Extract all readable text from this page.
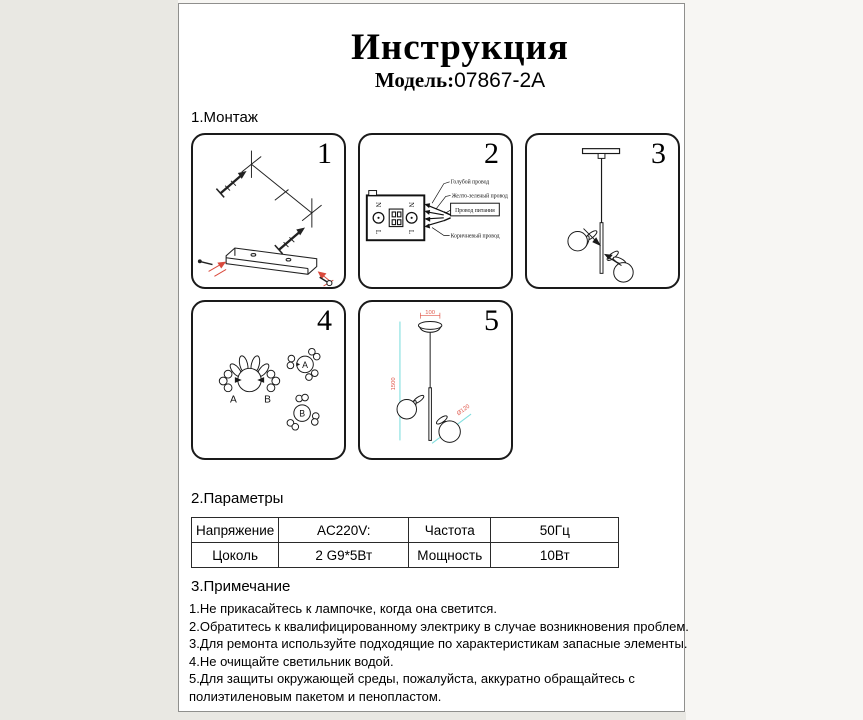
Инструкция
Модель:07867-2A
1.Монтаж
1
N
L
N
L
Голубой провод
Желто-зеленый провод
Провод питания
Коричневый провод
2	3
A	B
A
B
4	100
1500
Ø120
5
2.Параметры
Напряжение	AC220V:	Частота	50Гц
Цоколь	2 G9*5Вт	Мощность	10Вт
3.Примечание
1.Не прикасайтесь к лампочке, когда она светится.
2.Обратитесь к квалифицированному электрику в случае возникновения проблем.
3.Для ремонта используйте подходящие по характеристикам запасные элементы.
4.Не очищайте светильник водой.
5.Для защиты окружающей среды, пожалуйста, аккуратно обращайтесь с полиэтиленовым пакетом и пенопластом.
